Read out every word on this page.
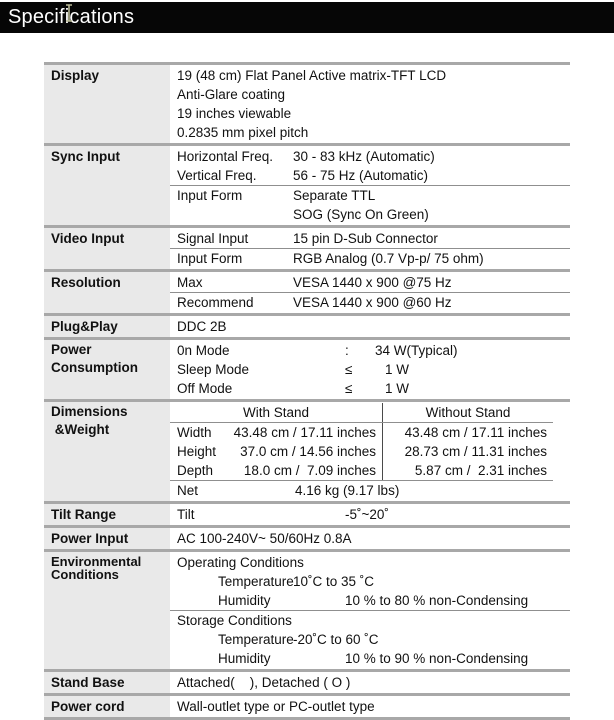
Specifications
Display	19 (48 cm) Flat Panel Active matrix-TFT LCD
Anti-Glare coating
19 inches viewable
0.2835 mm pixel pitch
Sync Input	Horizontal Freq.	30 - 83 kHz (Automatic)
Vertical Freq.	56 - 75 Hz (Automatic)
Input Form	Separate TTL
SOG (Sync On Green)
Video Input	Signal Input	15 pin D-Sub Connector
Input Form	RGB Analog (0.7 Vp-p/ 75 ohm)
Resolution	Max	VESA 1440 x 900 @75 Hz
Recommend	VESA 1440 x 900 @60 Hz
Plug&Play	DDC 2B
Power
Consumption
0n Mode	:	34 W(Typical)
Sleep Mode	≤	1 W
Off Mode	≤	1 W
Dimensions
&Weight
With Stand	Without Stand
Width	43.48 cm / 17.11 inches	43.48 cm / 17.11 inches
Height	37.0 cm / 14.56 inches	28.73 cm / 11.31 inches
Depth	18.0 cm /  7.09 inches	5.87 cm /  2.31 inches
Net	4.16 kg (9.17 lbs)
Tilt Range	Tilt	-5˚~20˚
Power Input	AC 100-240V~ 50/60Hz 0.8A
Environmental
Conditions
Operating Conditions
Temperature 10˚C to 35 ˚C
Humidity	10 % to 80 % non-Condensing
Storage Conditions
Temperature -20˚C to 60 ˚C
Humidity	10 % to 90 % non-Condensing
Stand Base	Attached(    ), Detached ( O )
Power cord	Wall-outlet type or PC-outlet type
